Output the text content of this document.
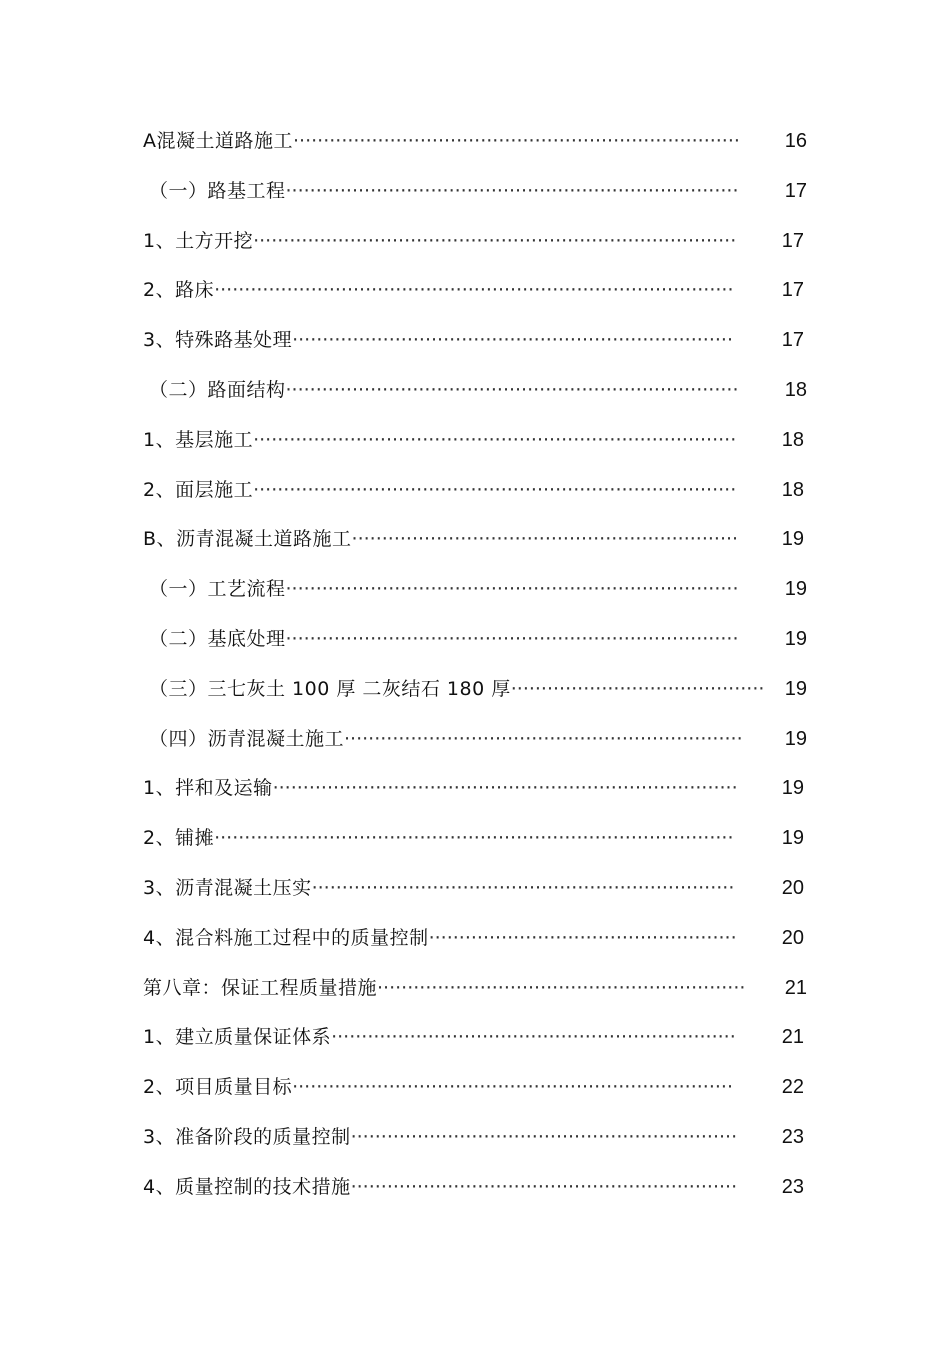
A混凝土道路施工··········································································	16
（一）路基工程···········································································	17
1、土方开挖················································································	17
2、路床······················································································	17
3、特殊路基处理·········································································	17
（二）路面结构···········································································	18
1、基层施工················································································	18
2、面层施工················································································	18
B、沥青混凝土道路施工································································	19
（一）工艺流程···········································································	19
（二）基底处理···········································································	19
（三）三七灰土 100 厚 二灰结石 180 厚··········································	19
（四）沥青混凝土施工··································································	19
1、拌和及运输·············································································	19
2、铺摊······················································································	19
3、沥青混凝土压实······································································	20
4、混合料施工过程中的质量控制···················································	20
第八章：保证工程质量措施·····························································	21
1、建立质量保证体系···································································	21
2、项目质量目标·········································································	22
3、准备阶段的质量控制································································	23
4、质量控制的技术措施································································	23
